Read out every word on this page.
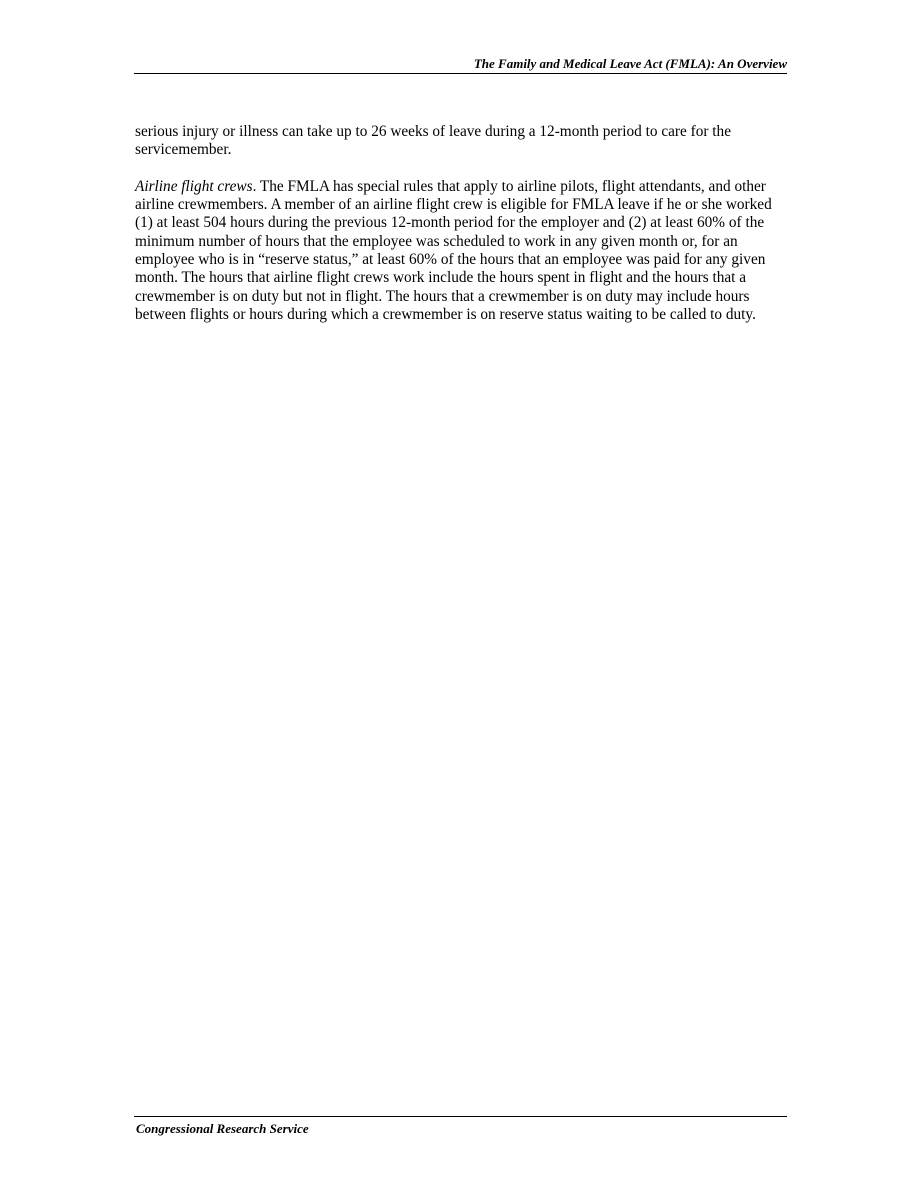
The Family and Medical Leave Act (FMLA): An Overview

serious injury or illness can take up to 26 weeks of leave during a 12-month period to care for the servicemember.

Airline flight crews. The FMLA has special rules that apply to airline pilots, flight attendants, and other airline crewmembers. A member of an airline flight crew is eligible for FMLA leave if he or she worked (1) at least 504 hours during the previous 12-month period for the employer and (2) at least 60% of the minimum number of hours that the employee was scheduled to work in any given month or, for an employee who is in “reserve status,” at least 60% of the hours that an employee was paid for any given month. The hours that airline flight crews work include the hours spent in flight and the hours that a crewmember is on duty but not in flight. The hours that a crewmember is on duty may include hours between flights or hours during which a crewmember is on reserve status waiting to be called to duty.

Congressional Research Service
